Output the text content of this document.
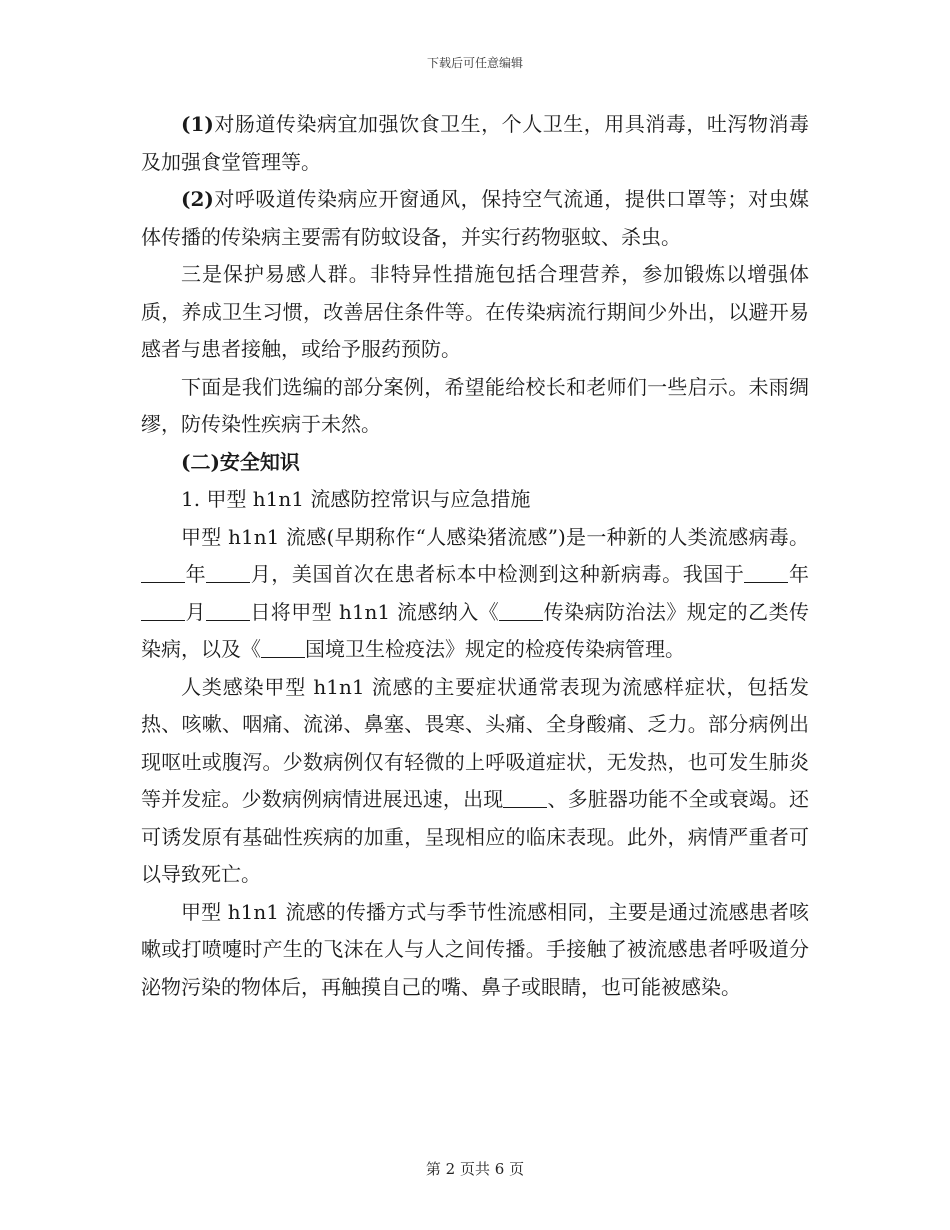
下载后可任意编辑

(1)对肠道传染病宜加强饮食卫生，个人卫生，用具消毒，吐泻物消毒及加强食堂管理等。

(2)对呼吸道传染病应开窗通风，保持空气流通，提供口罩等；对虫媒体传播的传染病主要需有防蚊设备，并实行药物驱蚊、杀虫。

三是保护易感人群。非特异性措施包括合理营养，参加锻炼以增强体质，养成卫生习惯，改善居住条件等。在传染病流行期间少外出，以避开易感者与患者接触，或给予服药预防。

下面是我们选编的部分案例，希望能给校长和老师们一些启示。未雨绸缪，防传染性疾病于未然。

(二)安全知识

1. 甲型 h1n1 流感防控常识与应急措施

甲型 h1n1 流感(早期称作“人感染猪流感”)是一种新的人类流感病毒。年 月，美国首次在患者标本中检测到这种新病毒。我国于 年月 日将甲型 h1n1 流感纳入《 传染病防治法》规定的乙类传染病，以及《 国境卫生检疫法》规定的检疫传染病管理。

人类感染甲型 h1n1 流感的主要症状通常表现为流感样症状，包括发热、咳嗽、咽痛、流涕、鼻塞、畏寒、头痛、全身酸痛、乏力。部分病例出现呕吐或腹泻。少数病例仅有轻微的上呼吸道症状，无发热，也可发生肺炎等并发症。少数病例病情进展迅速，出现 、多脏器功能不全或衰竭。还可诱发原有基础性疾病的加重，呈现相应的临床表现。此外，病情严重者可以导致死亡。

甲型 h1n1 流感的传播方式与季节性流感相同，主要是通过流感患者咳嗽或打喷嚏时产生的飞沫在人与人之间传播。手接触了被流感患者呼吸道分泌物污染的物体后，再触摸自己的嘴、鼻子或眼睛，也可能被感染。

第 2 页共 6 页
